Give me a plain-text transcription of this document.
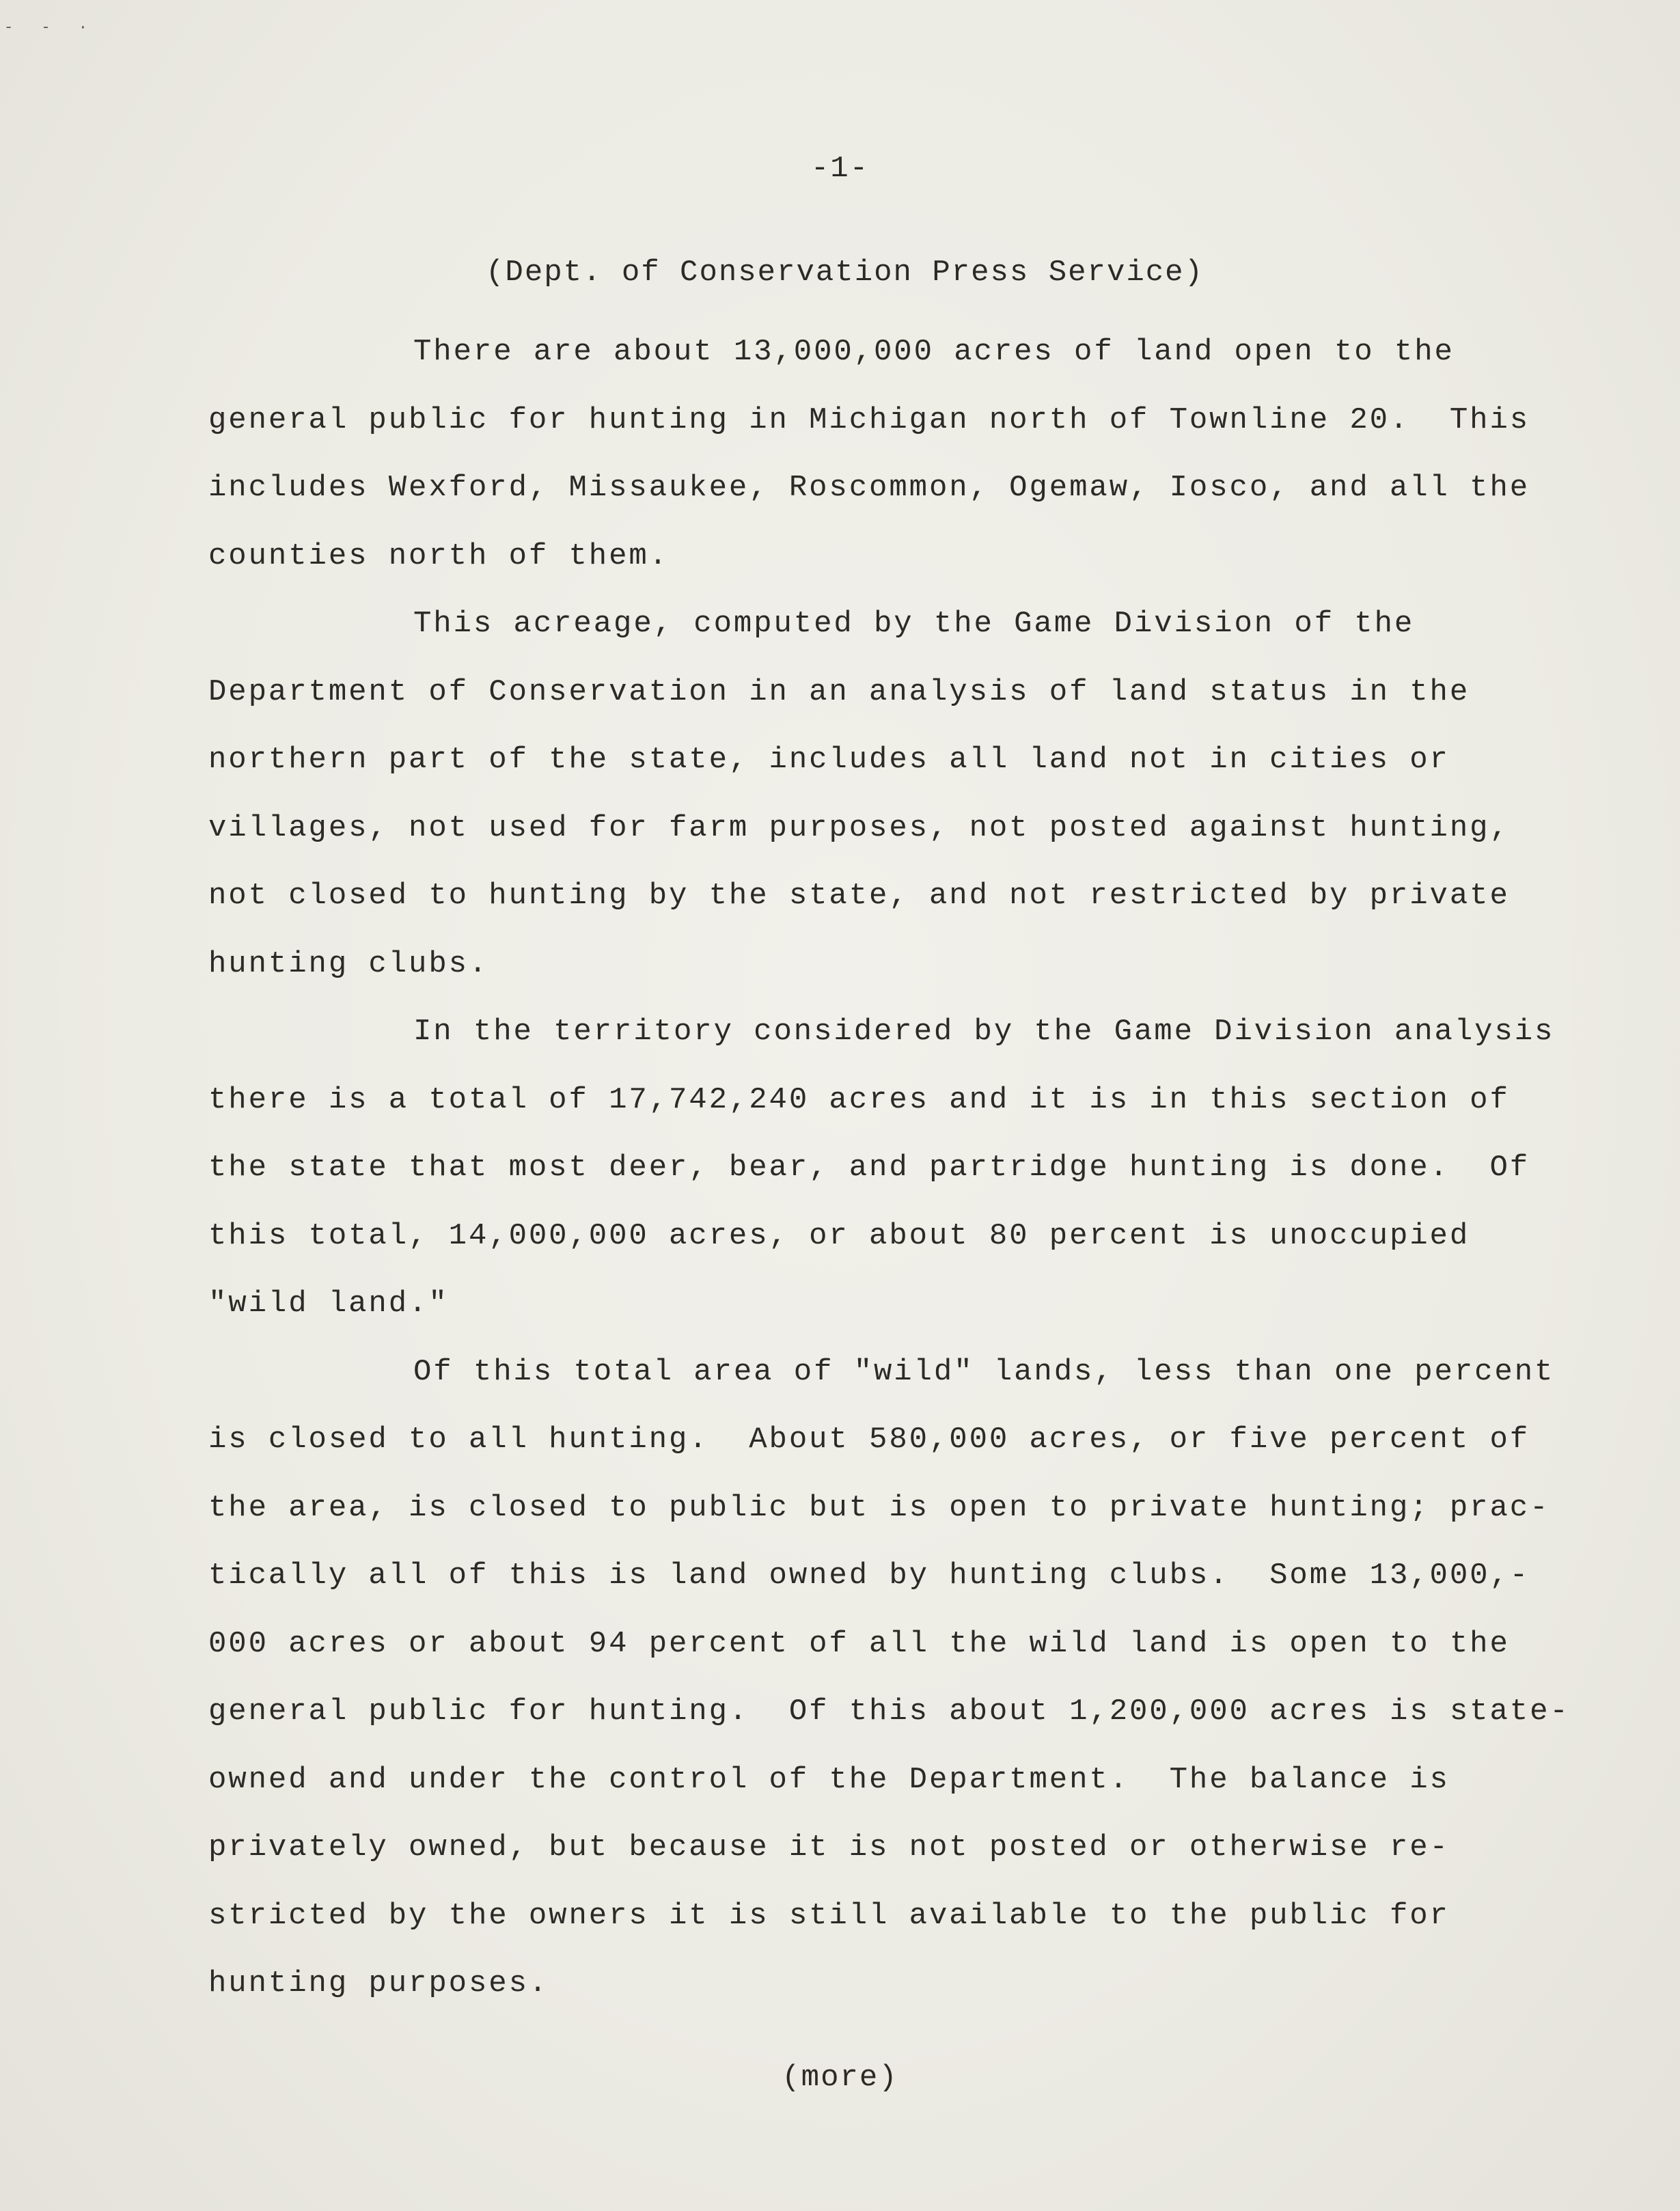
- - ·
-1-
(Dept. of Conservation Press Service)
There are about 13,000,000 acres of land open to the
general public for hunting in Michigan north of Townline 20.  This
includes Wexford, Missaukee, Roscommon, Ogemaw, Iosco, and all the
counties north of them.
This acreage, computed by the Game Division of the
Department of Conservation in an analysis of land status in the
northern part of the state, includes all land not in cities or
villages, not used for farm purposes, not posted against hunting,
not closed to hunting by the state, and not restricted by private
hunting clubs.
In the territory considered by the Game Division analysis
there is a total of 17,742,240 acres and it is in this section of
the state that most deer, bear, and partridge hunting is done.  Of
this total, 14,000,000 acres, or about 80 percent is unoccupied
"wild land."
Of this total area of "wild" lands, less than one percent
is closed to all hunting.  About 580,000 acres, or five percent of
the area, is closed to public but is open to private hunting; prac-
tically all of this is land owned by hunting clubs.  Some 13,000,-
000 acres or about 94 percent of all the wild land is open to the
general public for hunting.  Of this about 1,200,000 acres is state-
owned and under the control of the Department.  The balance is
privately owned, but because it is not posted or otherwise re-
stricted by the owners it is still available to the public for
hunting purposes.
(more)
